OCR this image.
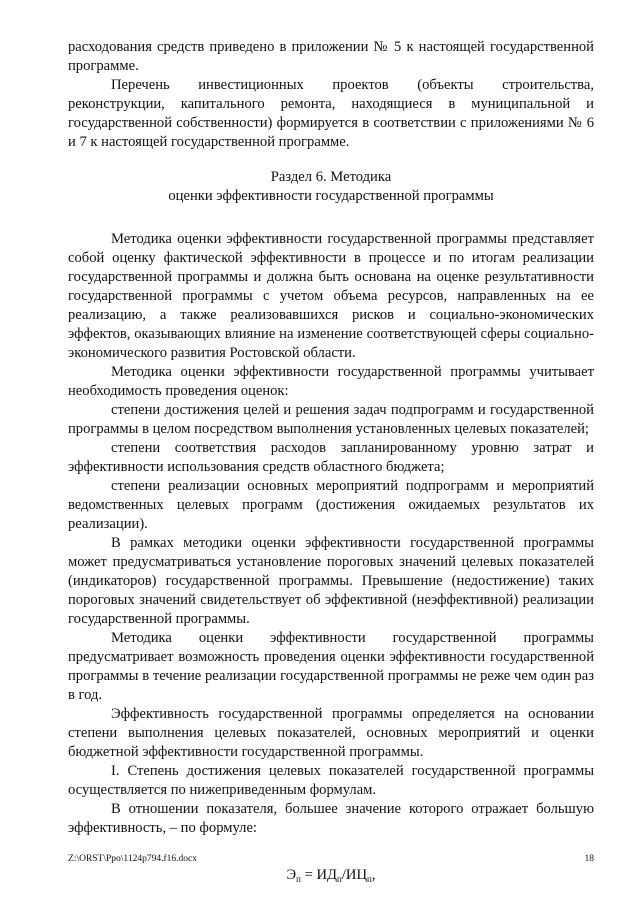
расходования средств приведено в приложении № 5 к настоящей государственной программе.

Перечень инвестиционных проектов (объекты строительства, реконструкции, капитального ремонта, находящиеся в муниципальной и государственной собственности) формируется в соответствии с приложениями № 6 и 7 к настоящей государственной программе.

Раздел 6. Методика

оценки эффективности государственной программы

Методика оценки эффективности государственной программы представляет собой оценку фактической эффективности в процессе и по итогам реализации государственной программы и должна быть основана на оценке результативности государственной программы с учетом объема ресурсов, направленных на ее реализацию, а также реализовавшихся рисков и социально-экономических эффектов, оказывающих влияние на изменение соответствующей сферы социально-экономического развития Ростовской области.

Методика оценки эффективности государственной программы учитывает необходимость проведения оценок:

степени достижения целей и решения задач подпрограмм и государственной программы в целом посредством выполнения установленных целевых показателей;

степени соответствия расходов запланированному уровню затрат и эффективности использования средств областного бюджета;

степени реализации основных мероприятий подпрограмм и мероприятий ведомственных целевых программ (достижения ожидаемых результатов их реализации).

В рамках методики оценки эффективности государственной программы может предусматриваться установление пороговых значений целевых показателей (индикаторов) государственной программы. Превышение (недостижение) таких пороговых значений свидетельствует об эффективной (неэффективной) реализации государственной программы.

Методика оценки эффективности государственной программы предусматривает возможность проведения оценки эффективности государственной программы в течение реализации государственной программы не реже чем один раз в год.

Эффективность государственной программы определяется на основании степени выполнения целевых показателей, основных мероприятий и оценки бюджетной эффективности государственной программы.

I. Степень достижения целевых показателей государственной программы осуществляется по нижеприведенным формулам.

В отношении показателя, большее значение которого отражает большую эффективность, – по формуле:

$Э_п = ИД_п/ИЦ_п$,
Z:\ORST\Ppo\1124p794.f16.docx	18
